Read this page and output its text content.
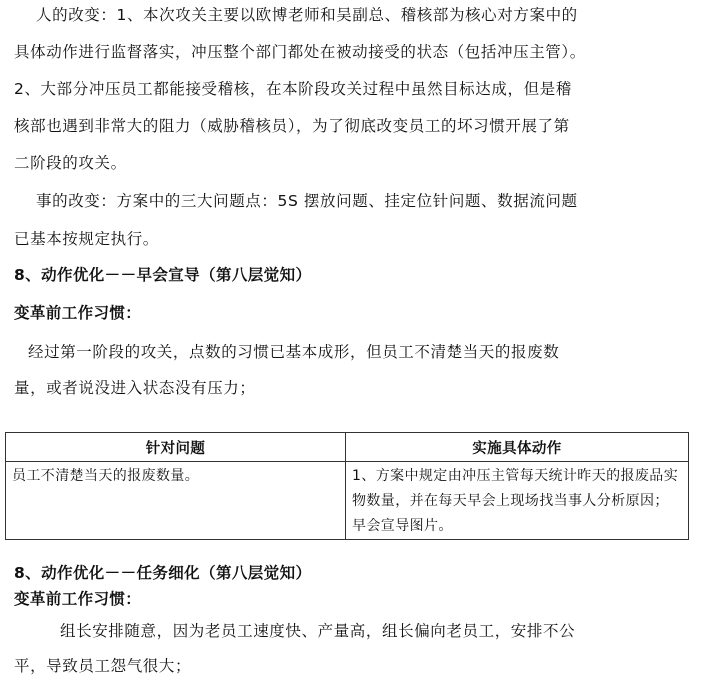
人的改变：1、本次攻关主要以欧博老师和吴副总、稽核部为核心对方案中的
具体动作进行监督落实，冲压整个部门都处在被动接受的状态（包括冲压主管）。
2、大部分冲压员工都能接受稽核，在本阶段攻关过程中虽然目标达成，但是稽
核部也遇到非常大的阻力（威胁稽核员），为了彻底改变员工的坏习惯开展了第
二阶段的攻关。
事的改变：方案中的三大问题点：5S 摆放问题、挂定位针问题、数据流问题
已基本按规定执行。
8、动作优化－－早会宣导（第八层觉知）
变革前工作习惯：
经过第一阶段的攻关，点数的习惯已基本成形，但员工不清楚当天的报废数
量，或者说没进入状态没有压力；
针对问题	实施具体动作
员工不清楚当天的报废数量。	1、方案中规定由冲压主管每天统计昨天的报废品实物数量，并在每天早会上现场找当事人分析原因；早会宣导图片。
8、动作优化－－任务细化（第八层觉知）
变革前工作习惯：
组长安排随意，因为老员工速度快、产量高，组长偏向老员工，安排不公
平，导致员工怨气很大；
